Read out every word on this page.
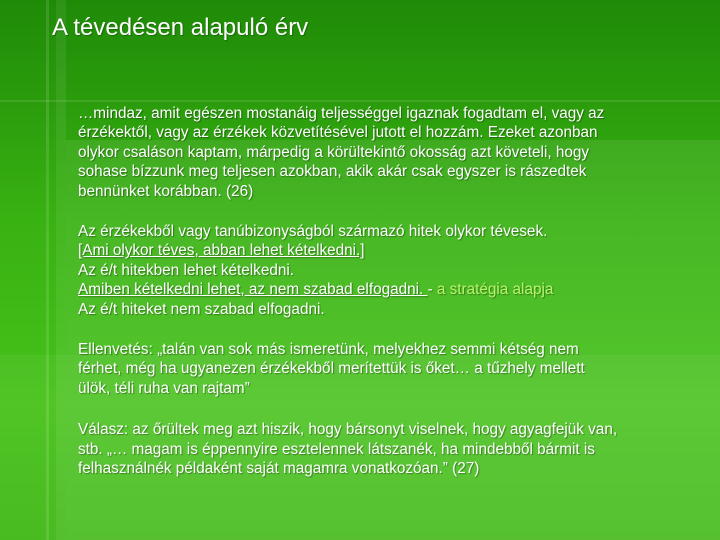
A tévedésen alapuló érv
…mindaz, amit egészen mostanáig teljességgel igaznak fogadtam el, vagy az
érzékektől, vagy az érzékek közvetítésével jutott el hozzám. Ezeket azonban
olykor csaláson kaptam, márpedig a körültekintő okosság azt követeli, hogy
sohase bízzunk meg teljesen azokban, akik akár csak egyszer is rászedtek
bennünket korábban. (26)
Az érzékekből vagy tanúbizonyságból származó hitek olykor tévesek.
[Ami olykor téves, abban lehet kételkedni.]
Az é/t hitekben lehet kételkedni.
Amiben kételkedni lehet, az nem szabad elfogadni. - a stratégia alapja
Az é/t hiteket nem szabad elfogadni.
Ellenvetés: „talán van sok más ismeretünk, melyekhez semmi kétség nem
férhet, még ha ugyanezen érzékekből merítettük is őket… a tűzhely mellett
ülök, téli ruha van rajtam”
Válasz: az őrültek meg azt hiszik, hogy bársonyt viselnek, hogy agyagfejük van,
stb. „… magam is éppennyire esztelennek látszanék, ha mindebből bármit is
felhasználnék példaként saját magamra vonatkozóan.” (27)
